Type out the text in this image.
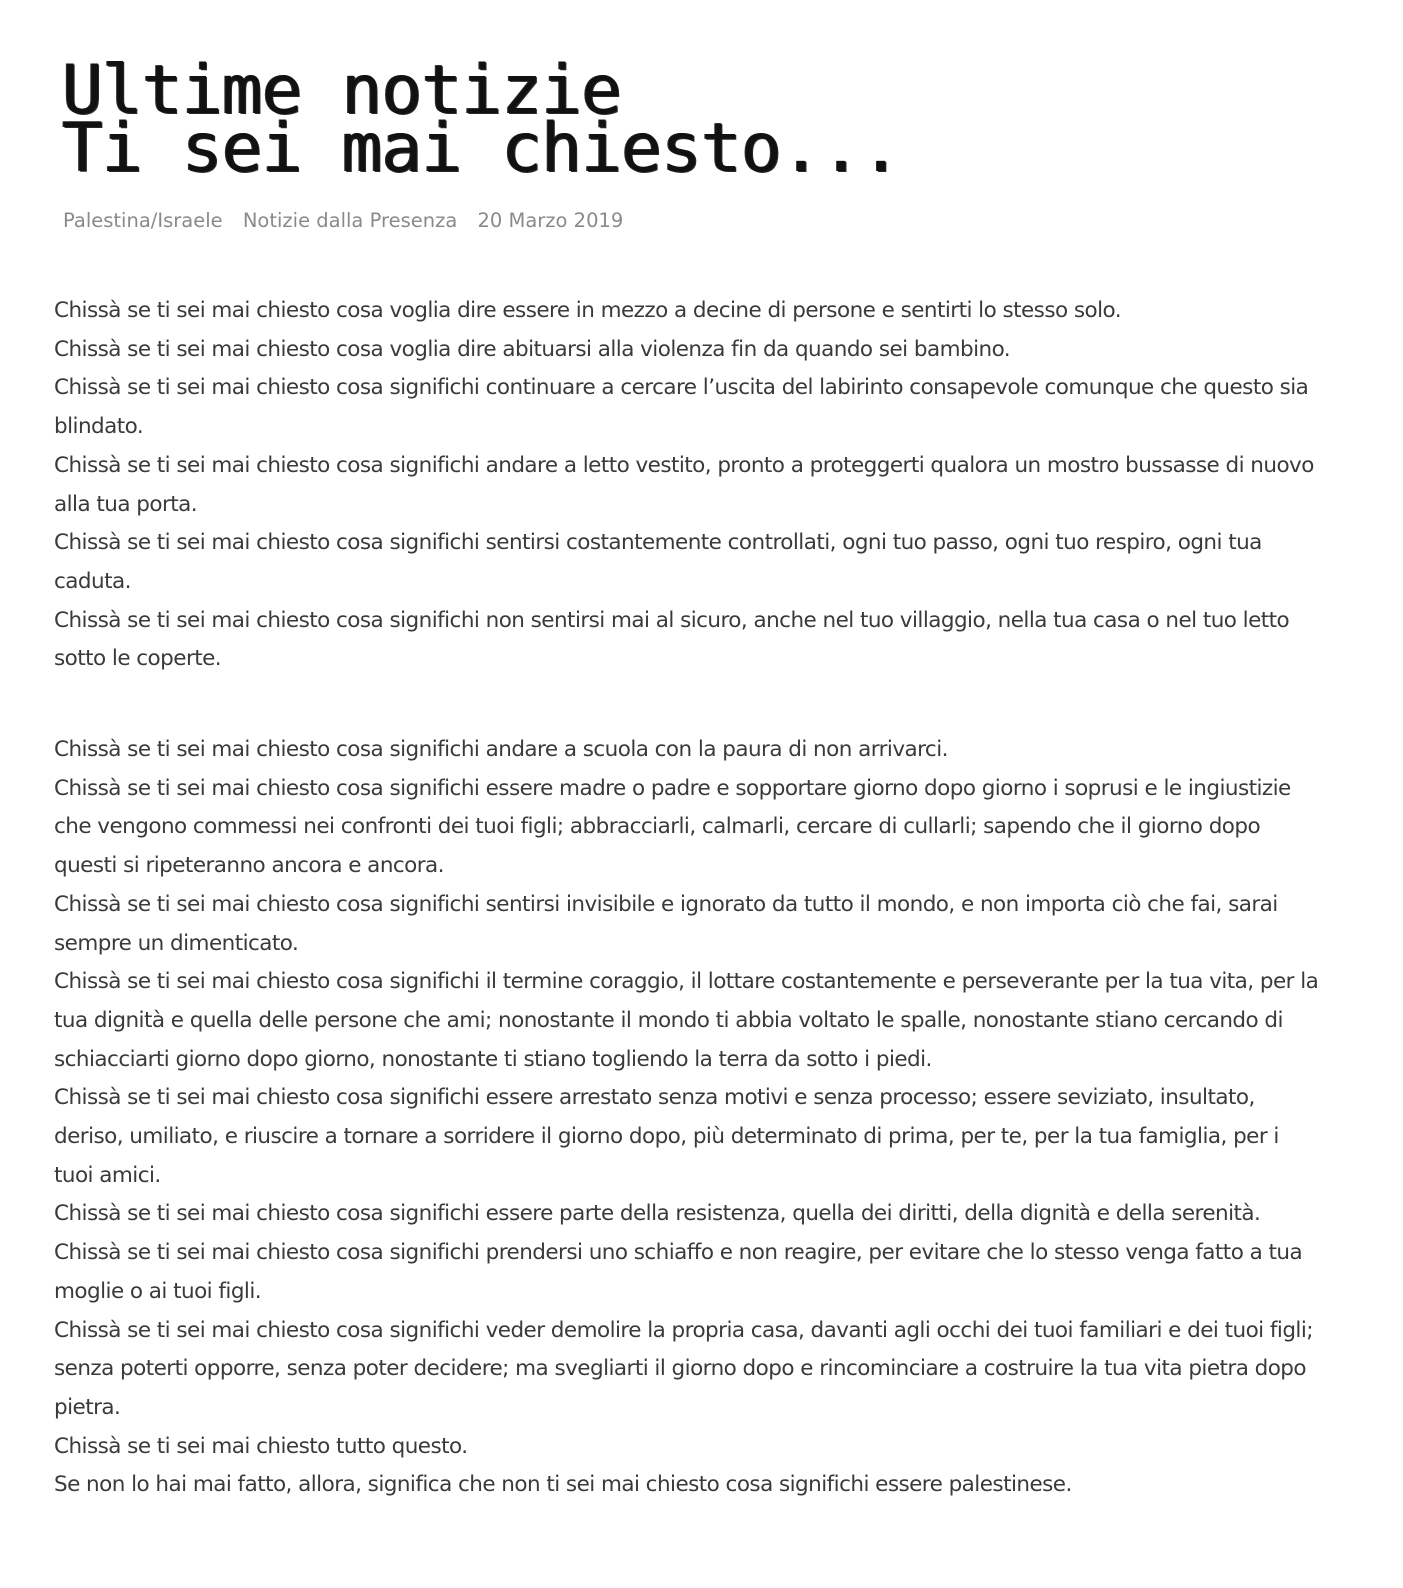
Ultime notizie
Ti sei mai chiesto...
Palestina/Israele Notizie dalla Presenza 20 Marzo 2019

Chissà se ti sei mai chiesto cosa voglia dire essere in mezzo a decine di persone e sentirti lo stesso solo.
Chissà se ti sei mai chiesto cosa voglia dire abituarsi alla violenza fin da quando sei bambino.
Chissà se ti sei mai chiesto cosa significhi continuare a cercare l’uscita del labirinto consapevole comunque che questo sia
blindato.
Chissà se ti sei mai chiesto cosa significhi andare a letto vestito, pronto a proteggerti qualora un mostro bussasse di nuovo
alla tua porta.
Chissà se ti sei mai chiesto cosa significhi sentirsi costantemente controllati, ogni tuo passo, ogni tuo respiro, ogni tua
caduta.
Chissà se ti sei mai chiesto cosa significhi non sentirsi mai al sicuro, anche nel tuo villaggio, nella tua casa o nel tuo letto
sotto le coperte.

Chissà se ti sei mai chiesto cosa significhi andare a scuola con la paura di non arrivarci.
Chissà se ti sei mai chiesto cosa significhi essere madre o padre e sopportare giorno dopo giorno i soprusi e le ingiustizie
che vengono commessi nei confronti dei tuoi figli; abbracciarli, calmarli, cercare di cullarli; sapendo che il giorno dopo
questi si ripeteranno ancora e ancora.
Chissà se ti sei mai chiesto cosa significhi sentirsi invisibile e ignorato da tutto il mondo, e non importa ciò che fai, sarai
sempre un dimenticato.
Chissà se ti sei mai chiesto cosa significhi il termine coraggio, il lottare costantemente e perseverante per la tua vita, per la
tua dignità e quella delle persone che ami; nonostante il mondo ti abbia voltato le spalle, nonostante stiano cercando di
schiacciarti giorno dopo giorno, nonostante ti stiano togliendo la terra da sotto i piedi.
Chissà se ti sei mai chiesto cosa significhi essere arrestato senza motivi e senza processo; essere seviziato, insultato,
deriso, umiliato, e riuscire a tornare a sorridere il giorno dopo, più determinato di prima, per te, per la tua famiglia, per i
tuoi amici.
Chissà se ti sei mai chiesto cosa significhi essere parte della resistenza, quella dei diritti, della dignità e della serenità.
Chissà se ti sei mai chiesto cosa significhi prendersi uno schiaffo e non reagire, per evitare che lo stesso venga fatto a tua
moglie o ai tuoi figli.
Chissà se ti sei mai chiesto cosa significhi veder demolire la propria casa, davanti agli occhi dei tuoi familiari e dei tuoi figli;
senza poterti opporre, senza poter decidere; ma svegliarti il giorno dopo e rincominciare a costruire la tua vita pietra dopo
pietra.
Chissà se ti sei mai chiesto tutto questo.
Se non lo hai mai fatto, allora, significa che non ti sei mai chiesto cosa significhi essere palestinese.
